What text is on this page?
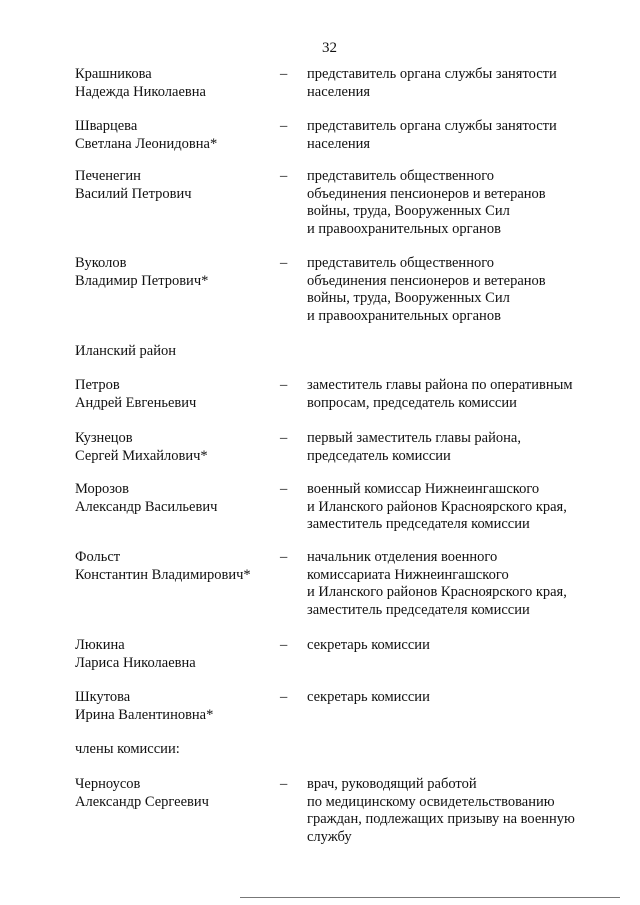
32
Крашникова
Надежда Николаевна
– представитель органа службы занятости
населения
Шварцева
Светлана Леонидовна*
– представитель органа службы занятости
населения
Печенегин
Василий Петрович
– представитель общественного
объединения пенсионеров и ветеранов
войны, труда, Вооруженных Сил
и правоохранительных органов
Вуколов
Владимир Петрович*
– представитель общественного
объединения пенсионеров и ветеранов
войны, труда, Вооруженных Сил
и правоохранительных органов
Иланский район
Петров
Андрей Евгеньевич
– заместитель главы района по оперативным
вопросам, председатель комиссии
Кузнецов
Сергей Михайлович*
– первый заместитель главы района,
председатель комиссии
Морозов
Александр Васильевич
– военный комиссар Нижнеингашского
и Иланского районов Красноярского края,
заместитель председателя комиссии
Фольст
Константин Владимирович*
– начальник отделения военного
комиссариата Нижнеингашского
и Иланского районов Красноярского края,
заместитель председателя комиссии
Люкина
Лариса Николаевна
– секретарь комиссии
Шкутова
Ирина Валентиновна*
– секретарь комиссии
члены комиссии:
Черноусов
Александр Сергеевич
– врач, руководящий работой
по медицинскому освидетельствованию
граждан, подлежащих призыву на военную
службу
